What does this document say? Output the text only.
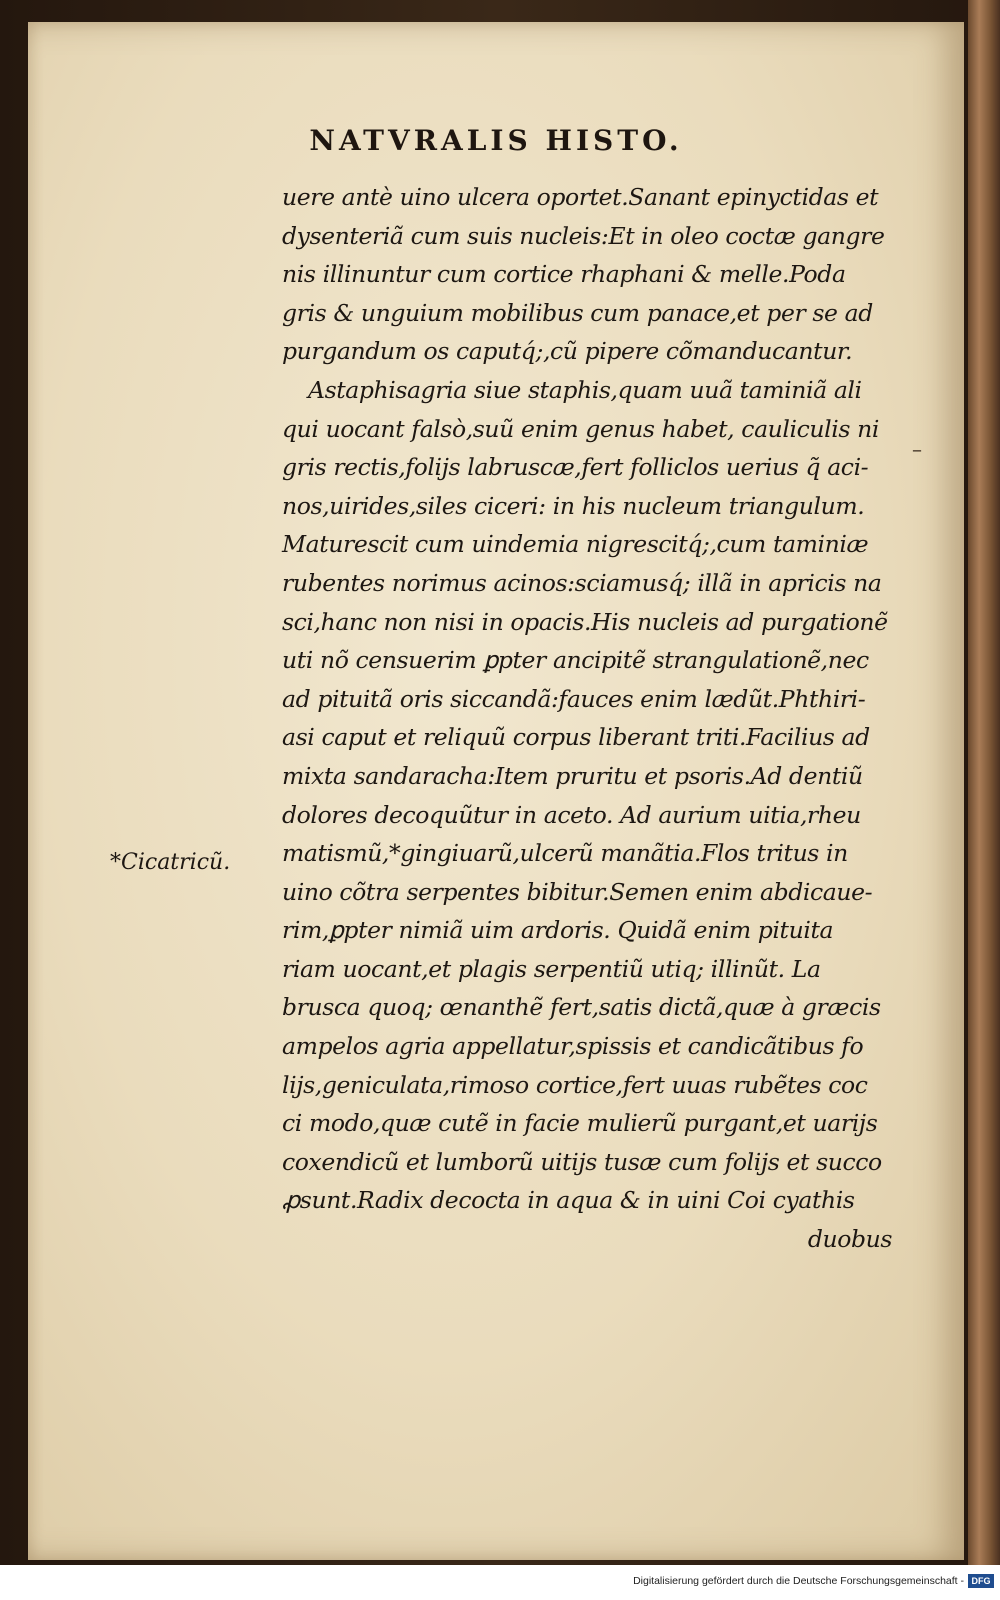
NATVRALIS HISTO.
*Cicatricũ.
–
uere antè uino ulcera oportet.Sanant epinyctidas et
dysenteriã cum suis nucleis:Et in oleo coctæ gangre
nis illinuntur cum cortice rhaphani & melle.Poda
gris & unguium mobilibus cum panace,et per se ad
purgandum os caputq́;,cũ pipere cõmanducantur.
Astaphisagria siue staphis,quam uuã taminiã ali
qui uocant falsò,suũ enim genus habet, cauliculis ni
gris rectis,folijs labruscæ,fert folliclos uerius q̃ aci-
nos,uirides,siles ciceri: in his nucleum triangulum.
Maturescit cum uindemia nigrescitq́;,cum taminiæ
rubentes norimus acinos:sciamusq́; illã in apricis na
sci,hanc non nisi in opacis.His nucleis ad purgationẽ
uti nõ censuerim ꝑpter ancipitẽ strangulationẽ,nec
ad pituitã oris siccandã:fauces enim lædũt.Phthiri-
asi caput et reliquũ corpus liberant triti.Facilius ad
mixta sandaracha:Item pruritu et psoris.Ad dentiũ
dolores decoquũtur in aceto. Ad aurium uitia,rheu
matismũ,*gingiuarũ,ulcerũ manãtia.Flos tritus in
uino cõtra serpentes bibitur.Semen enim abdicaue-
rim,ꝑpter nimiã uim ardoris. Quidã enim pituita
riam uocant,et plagis serpentiũ utiq; illinũt. La
brusca quoq; œnanthẽ fert,satis dictã,quæ à græcis
ampelos agria appellatur,spissis et candicãtibus fo
lijs,geniculata,rimoso cortice,fert uuas rubẽtes coc
ci modo,quæ cutẽ in facie mulierũ purgant,et uarijs
coxendicũ et lumborũ uitijs tusæ cum folijs et succo
ꝓsunt.Radix decocta in aqua & in uini Coi cyathis
duobus
Digitalisierung gefördert durch die Deutsche Forschungsgemeinschaft - DFG
